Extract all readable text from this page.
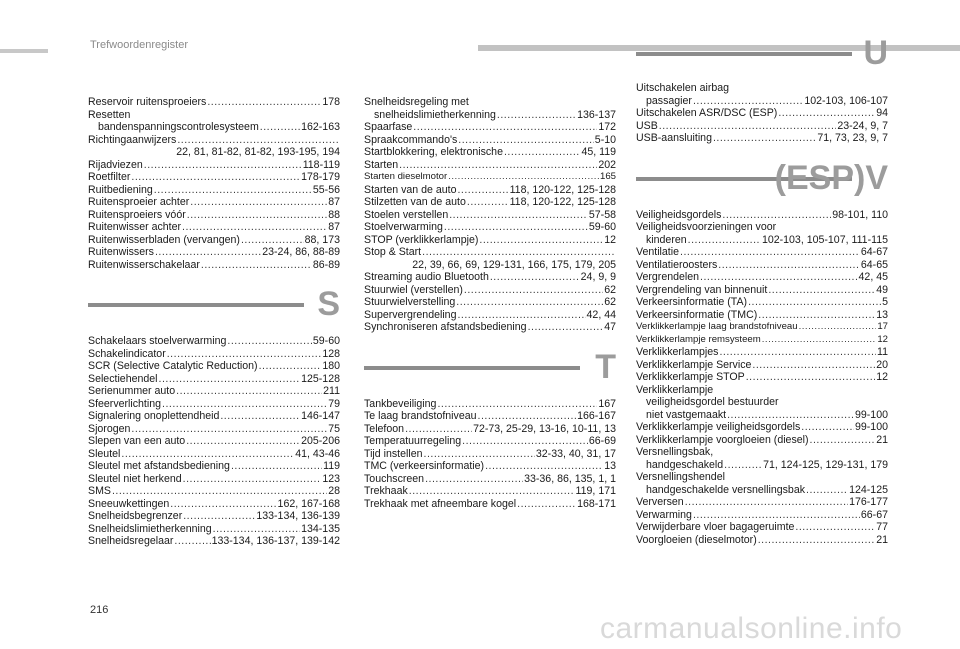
Trefwoordenregister
Reservoir ruitensproeiers .....	178
Resetten
bandenspanningscontrolesysteem .....	162-163
Richtingaanwijzers
.....
22, 81, 81-82, 81-82, 193-195, 194
Rijadviezen .....	118-119
Roetfilter .....	178-179
Ruitbediening .....	55-56
Ruitensproeier achter .....	87
Ruitensproeiers vóór .....	88
Ruitenwisser achter .....	87
Ruitenwisserbladen (vervangen) .....	88, 173
Ruitenwissers .....	23-24, 86, 88-89
Ruitenwisserschakelaar .....	86-89
S
Schakelaars stoelverwarming .....	59-60
Schakelindicator .....	128
SCR (Selective Catalytic Reduction) .....	180
Selectiehendel .....	125-128
Serienummer auto .....	211
Sfeerverlichting .....	79
Signalering onoplettendheid .....	146-147
Sjorogen .....	75
Slepen van een auto .....	205-206
Sleutel .....	41, 43-46
Sleutel met afstandsbediening .....	119
Sleutel niet herkend .....	123
SMS .....	28
Sneeuwkettingen .....	162, 167-168
Snelheidsbegrenzer .....	133-134, 136-139
Snelheidslimietherkenning .....	134-135
Snelheidsregelaar .....	133-134, 136-137, 139-142
Snelheidsregeling met
snelheidslimietherkenning .....	136-137
Spaarfase .....	172
Spraakcommando's .....	5-10
Startblokkering, elektronische .....	45, 119
Starten .....	202
Starten dieselmotor .....	165
Starten van de auto .....	118, 120-122, 125-128
Stilzetten van de auto .....	118, 120-122, 125-128
Stoelen verstellen .....	57-58
Stoelverwarming .....	59-60
STOP (verklikkerlampje) .....	12
Stop & Start
.....
22, 39, 66, 69, 129-131, 166, 175, 179, 205
Streaming audio Bluetooth .....	24, 9, 9
Stuurwiel (verstellen) .....	62
Stuurwielverstelling .....	62
Supervergrendeling .....	42, 44
Synchroniseren afstandsbediening .....	47
T
Tankbeveiliging .....	167
Te laag brandstofniveau .....	166-167
Telefoon .....	72-73, 25-29, 13-16, 10-11, 13
Temperatuurregeling .....	66-69
Tijd instellen .....	32-33, 40, 31, 17
TMC (verkeersinformatie) .....	13
Touchscreen .....	33-36, 86, 135, 1, 1
Trekhaak .....	119, 171
Trekhaak met afneembare kogel .....	168-171
U
Uitschakelen airbag
passagier .....	102-103, 106-107
Uitschakelen ASR/DSC (ESP) .....	94
USB .....	23-24, 9, 7
USB-aansluiting .....	71, 73, 23, 9, 7
(ESP)V
Veiligheidsgordels .....	98-101, 110
Veiligheidsvoorzieningen voor
kinderen .....	102-103, 105-107, 111-115
Ventilatie .....	64-67
Ventilatieroosters .....	64-65
Vergrendelen .....	42, 45
Vergrendeling van binnenuit .....	49
Verkeersinformatie (TA) .....	5
Verkeersinformatie (TMC) .....	13
Verklikkerlampje laag brandstofniveau .....	17
Verklikkerlampje remsysteem .....	12
Verklikkerlampjes .....	11
Verklikkerlampje Service .....	20
Verklikkerlampje STOP .....	12
Verklikkerlampje
veiligheidsgordel bestuurder
niet vastgemaakt .....	99-100
Verklikkerlampje veiligheidsgordels .....	99-100
Verklikkerlampje voorgloeien (diesel) .....	21
Versnellingsbak,
handgeschakeld .....	71, 124-125, 129-131, 179
Versnellingshendel
handgeschakelde versnellingsbak .....	124-125
Verversen .....	176-177
Verwarming .....	66-67
Verwijderbare vloer bagageruimte .....	77
Voorgloeien (dieselmotor) .....	21
216
carmanualsonline.info
